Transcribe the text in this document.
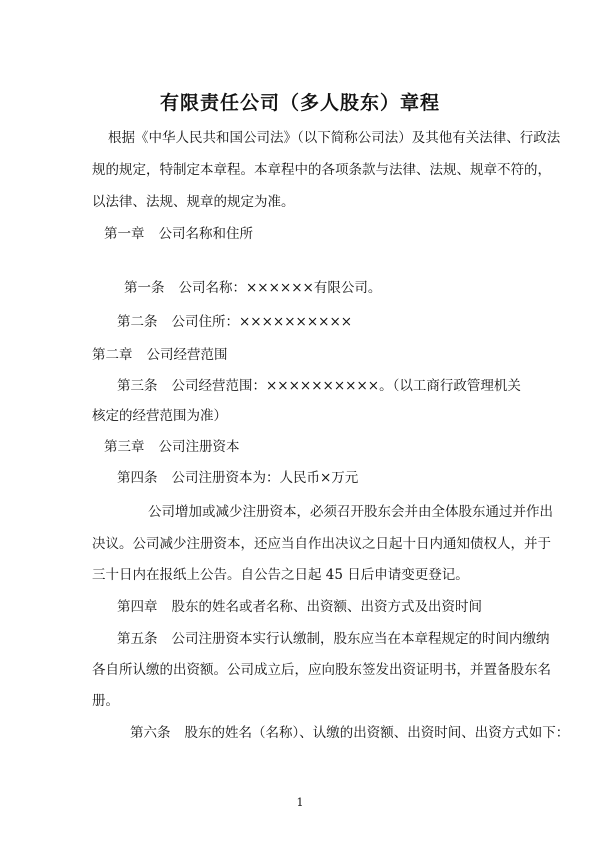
有限责任公司（多人股东）章程
根据《中华人民共和国公司法》（以下简称公司法）及其他有关法律、行政法
规的规定，特制定本章程。本章程中的各项条款与法律、法规、规章不符的，
以法律、法规、规章的规定为准。
第一章 公司名称和住所
第一条 公司名称：××××××有限公司。
第二条 公司住所：××××××××××
第二章 公司经营范围
第三条 公司经营范围：××××××××××。（以工商行政管理机关
核定的经营范围为准）
第三章 公司注册资本
第四条 公司注册资本为：人民币×万元
公司增加或减少注册资本，必须召开股东会并由全体股东通过并作出
决议。公司减少注册资本，还应当自作出决议之日起十日内通知债权人，并于
三十日内在报纸上公告。自公告之日起 45 日后申请变更登记。
第四章 股东的姓名或者名称、出资额、出资方式及出资时间
第五条 公司注册资本实行认缴制，股东应当在本章程规定的时间内缴纳
各自所认缴的出资额。公司成立后，应向股东签发出资证明书，并置备股东名
册。
第六条 股东的姓名（名称）、认缴的出资额、出资时间、出资方式如下：
1
